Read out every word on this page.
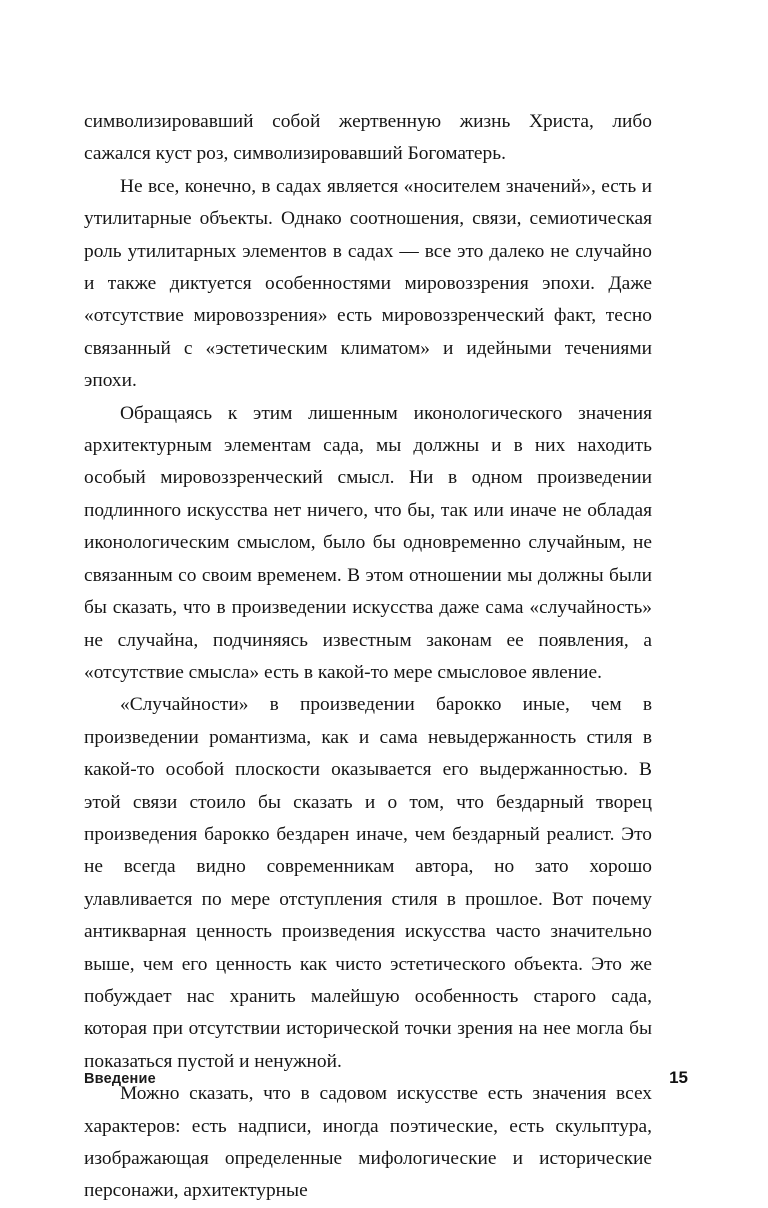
символизировавший собой жертвенную жизнь Христа, либо сажался куст роз, символизировавший Богоматерь.

Не все, конечно, в садах является «носителем значений», есть и утилитарные объекты. Однако соотношения, связи, семиотическая роль утилитарных элементов в садах — все это далеко не случайно и также диктуется особенностями мировоззрения эпохи. Даже «отсутствие мировоззрения» есть мировоззренческий факт, тесно связанный с «эстетическим климатом» и идейными течениями эпохи.

Обращаясь к этим лишенным иконологического значения архитектурным элементам сада, мы должны и в них находить особый мировоззренческий смысл. Ни в одном произведении подлинного искусства нет ничего, что бы, так или иначе не обладая иконологическим смыслом, было бы одновременно случайным, не связанным со своим временем. В этом отношении мы должны были бы сказать, что в произведении искусства даже сама «случайность» не случайна, подчиняясь известным законам ее появления, а «отсутствие смысла» есть в какой-то мере смысловое явление.

«Случайности» в произведении барокко иные, чем в произведении романтизма, как и сама невыдержанность стиля в какой-то особой плоскости оказывается его выдержанностью. В этой связи стоило бы сказать и о том, что бездарный творец произведения барокко бездарен иначе, чем бездарный реалист. Это не всегда видно современникам автора, но зато хорошо улавливается по мере отступления стиля в прошлое. Вот почему антикварная ценность произведения искусства часто значительно выше, чем его ценность как чисто эстетического объекта. Это же побуждает нас хранить малейшую особенность старого сада, которая при отсутствии исторической точки зрения на нее могла бы показаться пустой и ненужной.

Можно сказать, что в садовом искусстве есть значения всех характеров: есть надписи, иногда поэтические, есть скульптура, изображающая определенные мифологические и исторические персонажи, архитектурные

Введение	15
